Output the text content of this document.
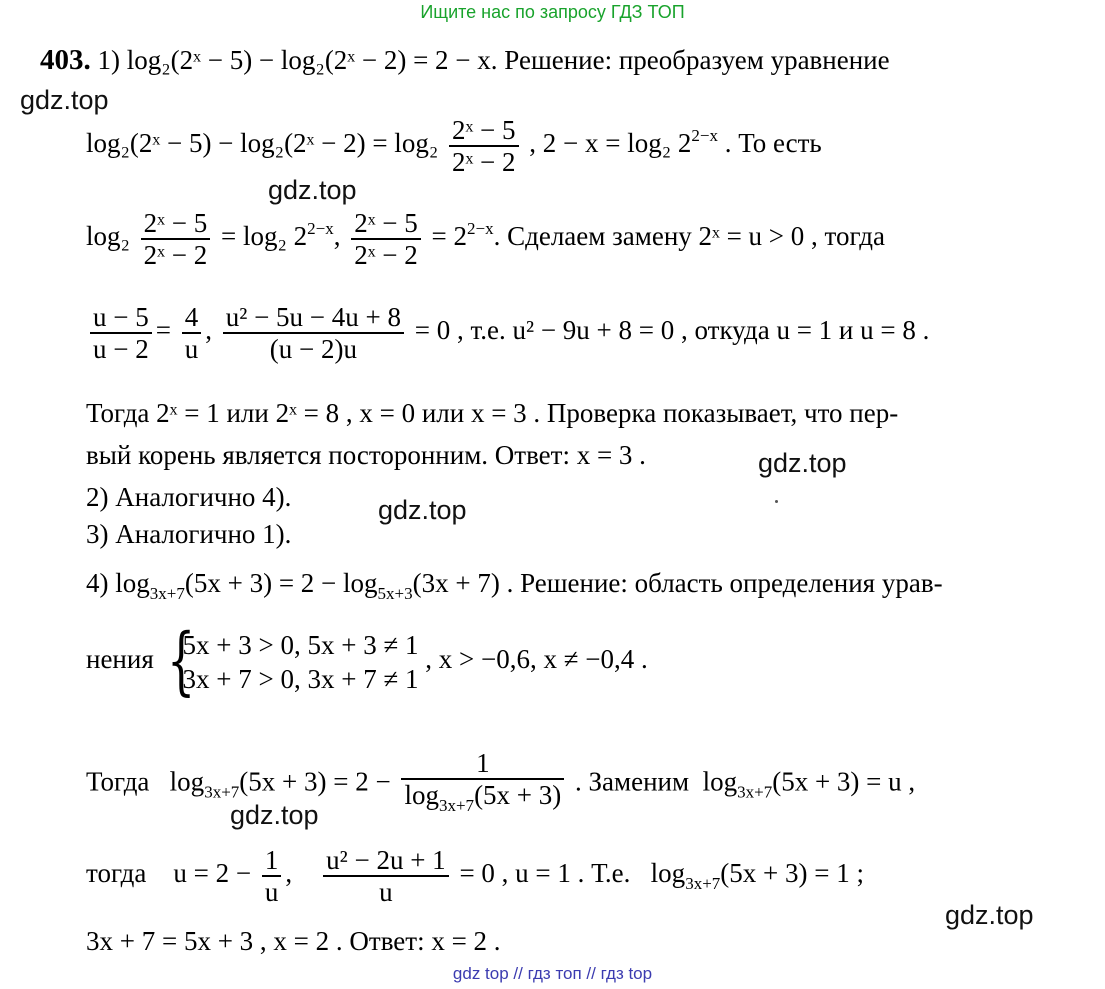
Ищите нас по запросу ГДЗ ТОП
gdz.top
gdz.top
gdz.top
gdz.top
gdz.top
gdz.top
403. 1) log₂(2ˣ − 5) − log₂(2ˣ − 2) = 2 − x. Решение: преобразуем уравнение
log₂(2ˣ − 5) − log₂(2ˣ − $2) = \log_2 \frac{\text{2ˣ − 5}}{\text{2ˣ − 2}}$ , 2 − x = log₂ $2^{2-x}$ . То есть
$\log_2 \frac{\text{2ˣ − 5}}{\text{2ˣ − 2}} = \log_2$ $2^{2-x}$, $\frac{\text{2ˣ − 5}}{\text{2ˣ − 2}} = 2^{2-x}$. Сделаем замену 2ˣ = u > 0 , тогда
$\frac{u - 5}{u - 2} = \frac{4}{u}$ , $\frac{\text{u² − 5u − 4u + 8}}{(u - 2)u} = 0$ , т.е. u² − 9u + 8 = 0 , откуда u = 1 и u = 8 .
Тогда 2ˣ = 1 или 2ˣ = 8 , x = 0 или x = 3 . Проверка показывает, что пер-
вый корень является посторонним. Ответ: x = 3 .
2) Аналогично 4).
3) Аналогично 1).
4) $\log_{3x+7}(5x + 3) = 2 - \log_{5x+3}(3x + 7)$ . Решение: область определения урав-
нения {
5x + 3 > 0, 5x + 3 ≠ 1
3x + 7 > 0, 3x + 7 ≠ 1
, x > −0,6, x ≠ −0,4 .
Тогда $\log_{3x+7}(5x + 3) = 2 - \frac{1}{\log_{3x+7}(5x + 3)}$ . Заменим $\log_{3x+7}(5x + 3) = u$ ,
тогда $u = 2 - \frac{1}{u}$ , $\frac{\text{u² − 2u + 1}}{u} = 0$ , u = 1 . Т.е. $\log_{3x+7}(5x + 3) = 1$ ;
3x + 7 = 5x + 3 , x = 2 . Ответ: x = 2 .
gdz top // гдз топ // гдз top
